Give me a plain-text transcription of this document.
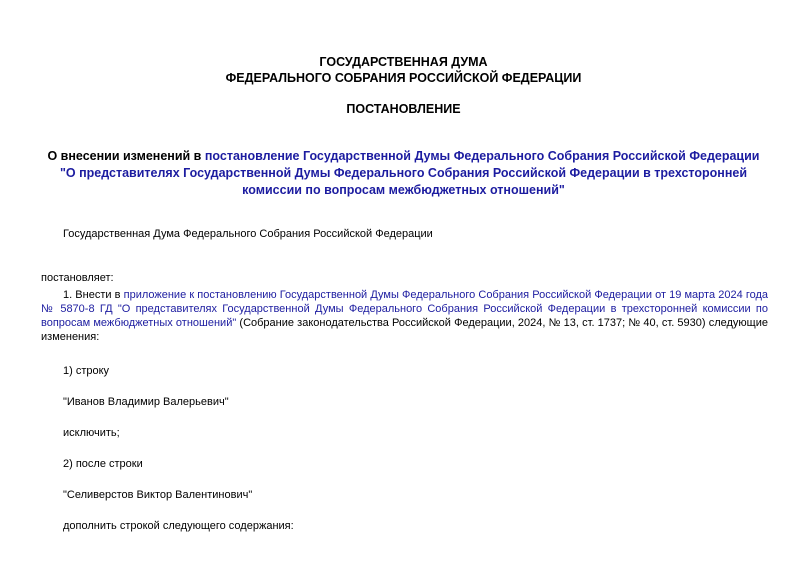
ГОСУДАРСТВЕННАЯ ДУМА
ФЕДЕРАЛЬНОГО СОБРАНИЯ РОССИЙСКОЙ ФЕДЕРАЦИИ
ПОСТАНОВЛЕНИЕ
О внесении изменений в постановление Государственной Думы Федерального Собрания Российской Федерации "О представителях Государственной Думы Федерального Собрания Российской Федерации в трехсторонней комиссии по вопросам межбюджетных отношений"
Государственная Дума Федерального Собрания Российской Федерации
постановляет:
1. Внести в приложение к постановлению Государственной Думы Федерального Собрания Российской Федерации от 19 марта 2024 года № 5870-8 ГД "О представителях Государственной Думы Федерального Собрания Российской Федерации в трехсторонней комиссии по вопросам межбюджетных отношений" (Собрание законодательства Российской Федерации, 2024, № 13, ст. 1737; № 40, ст. 5930) следующие изменения:
1) строку
"Иванов Владимир Валерьевич"
исключить;
2) после строки
"Селиверстов Виктор Валентинович"
дополнить строкой следующего содержания:
